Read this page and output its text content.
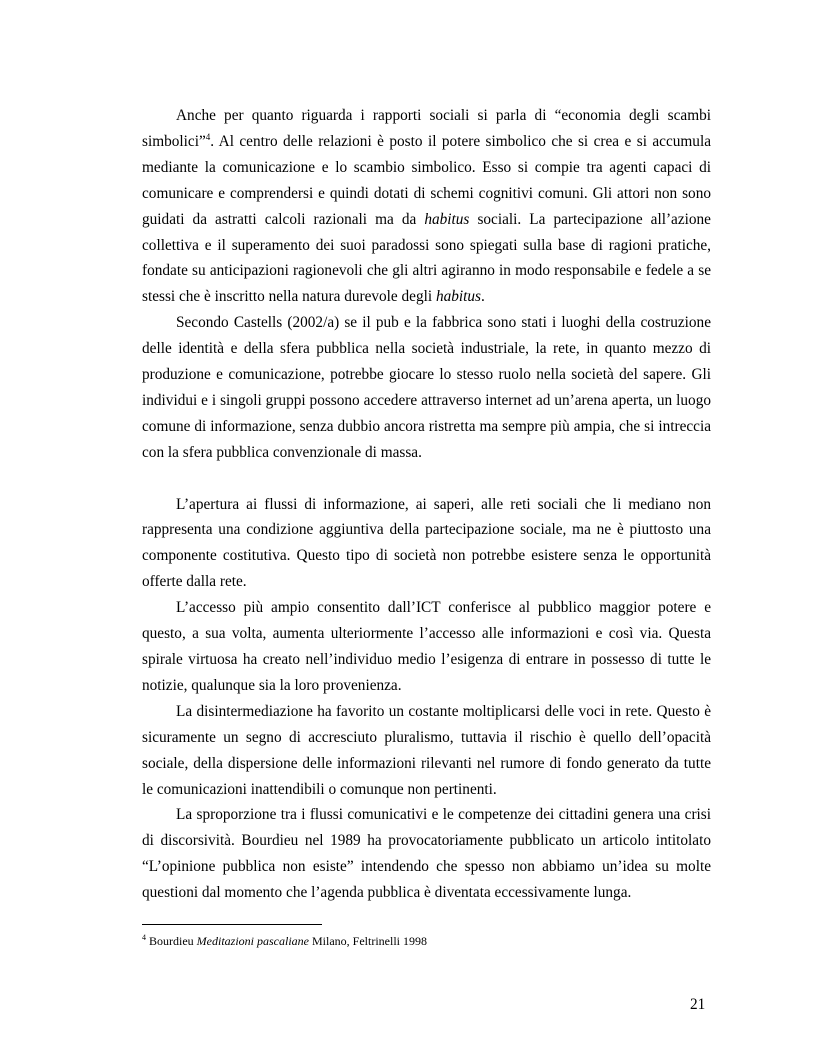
Anche per quanto riguarda i rapporti sociali si parla di “economia degli scambi simbolici”$^4$. Al centro delle relazioni è posto il potere simbolico che si crea e si accumula mediante la comunicazione e lo scambio simbolico. Esso si compie tra agenti capaci di comunicare e comprendersi e quindi dotati di schemi cognitivi comuni. Gli attori non sono guidati da astratti calcoli razionali ma da habitus sociali. La partecipazione all’azione collettiva e il superamento dei suoi paradossi sono spiegati sulla base di ragioni pratiche, fondate su anticipazioni ragionevoli che gli altri agiranno in modo responsabile e fedele a se stessi che è inscritto nella natura durevole degli habitus.

Secondo Castells (2002/a) se il pub e la fabbrica sono stati i luoghi della costruzione delle identità e della sfera pubblica nella società industriale, la rete, in quanto mezzo di produzione e comunicazione, potrebbe giocare lo stesso ruolo nella società del sapere. Gli individui e i singoli gruppi possono accedere attraverso internet ad un’arena aperta, un luogo comune di informazione, senza dubbio ancora ristretta ma sempre più ampia, che si intreccia con la sfera pubblica convenzionale di massa.

L’apertura ai flussi di informazione, ai saperi, alle reti sociali che li mediano non rappresenta una condizione aggiuntiva della partecipazione sociale, ma ne è piuttosto una componente costitutiva. Questo tipo di società non potrebbe esistere senza le opportunità offerte dalla rete.

L’accesso più ampio consentito dall’ICT conferisce al pubblico maggior potere e questo, a sua volta, aumenta ulteriormente l’accesso alle informazioni e così via. Questa spirale virtuosa ha creato nell’individuo medio l’esigenza di entrare in possesso di tutte le notizie, qualunque sia la loro provenienza.

La disintermediazione ha favorito un costante moltiplicarsi delle voci in rete. Questo è sicuramente un segno di accresciuto pluralismo, tuttavia il rischio è quello dell’opacità sociale, della dispersione delle informazioni rilevanti nel rumore di fondo generato da tutte le comunicazioni inattendibili o comunque non pertinenti.

La sproporzione tra i flussi comunicativi e le competenze dei cittadini genera una crisi di discorsività. Bourdieu nel 1989 ha provocatoriamente pubblicato un articolo intitolato “L’opinione pubblica non esiste” intendendo che spesso non abbiamo un’idea su molte questioni dal momento che l’agenda pubblica è diventata eccessivamente lunga.

$^4$ Bourdieu Meditazioni pascaliane Milano, Feltrinelli 1998
21
